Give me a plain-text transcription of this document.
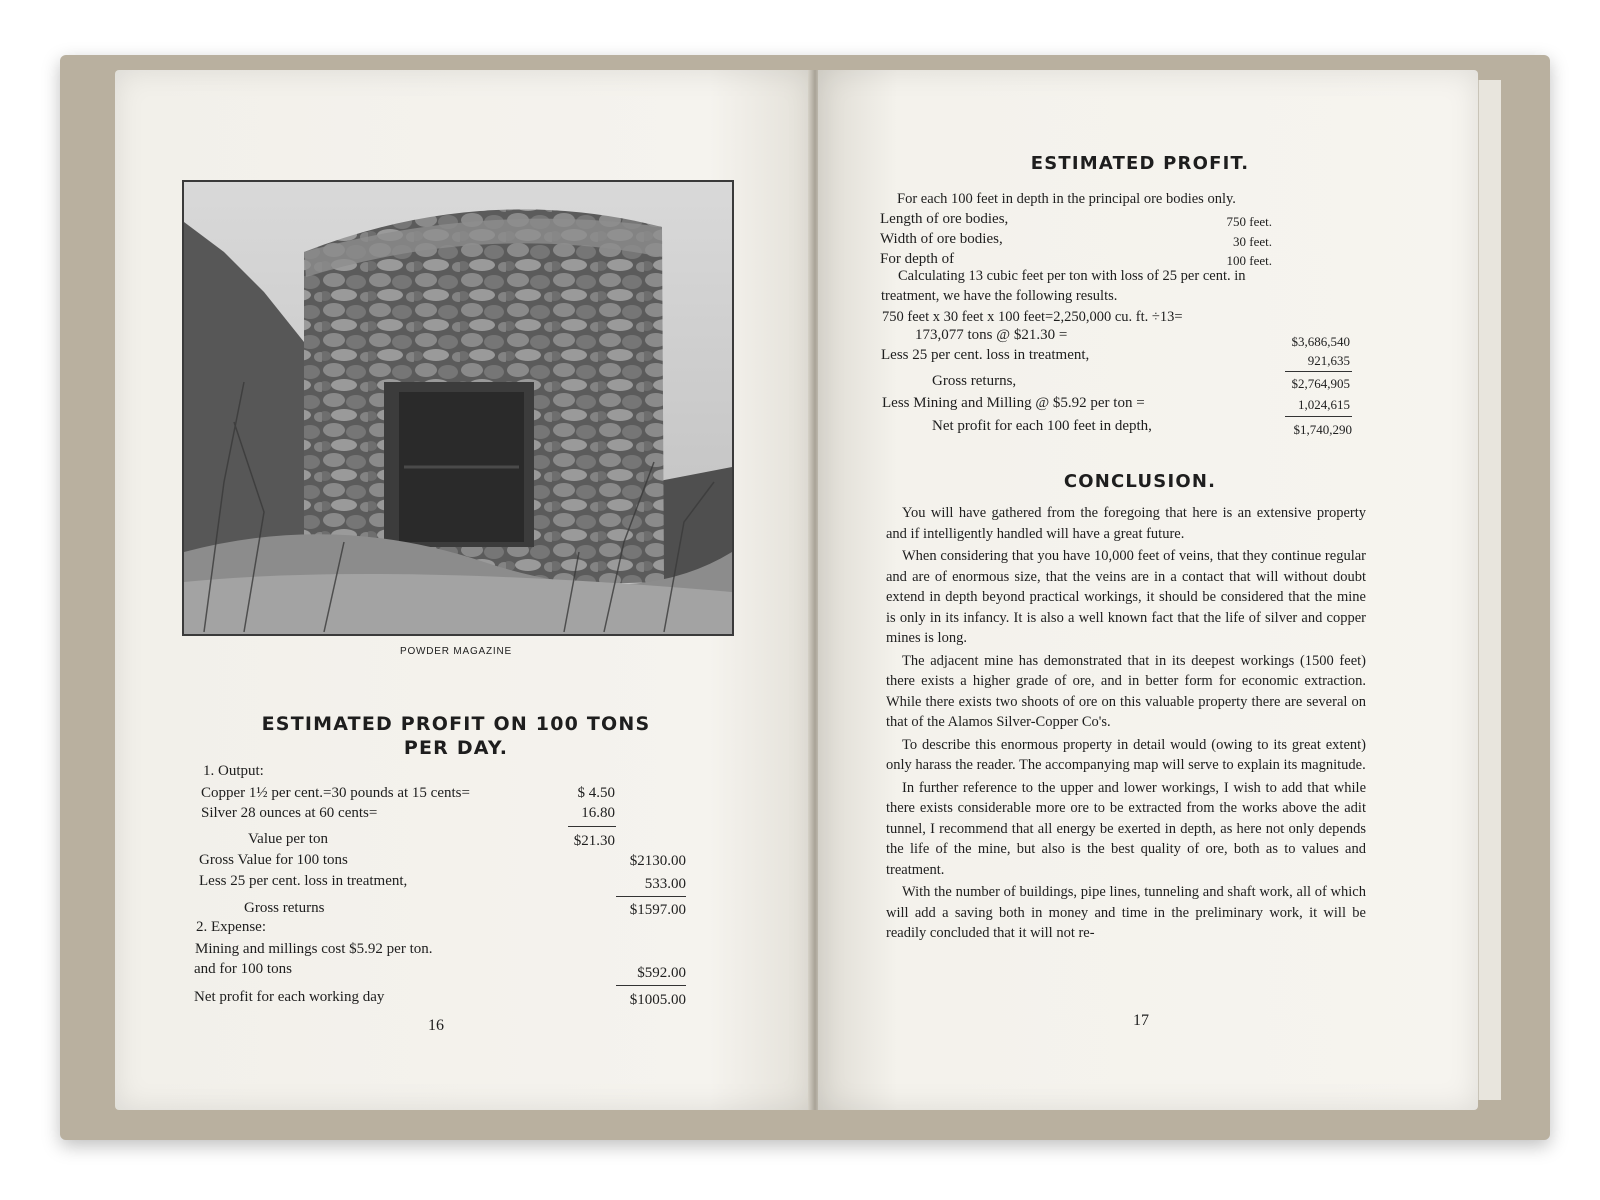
POWDER MAGAZINE
ESTIMATED PROFIT ON 100 TONS
PER DAY.
1. Output:
Copper 1½ per cent.=30 pounds at 15 cents=	$ 4.50
Silver 28 ounces at 60 cents=	16.80
Value per ton	$21.30
Gross Value for 100 tons	$2130.00
Less 25 per cent. loss in treatment,	533.00
Gross returns	$1597.00
2. Expense:
Mining and millings cost $5.92 per ton.
and for 100 tons	$592.00
Net profit for each working day	$1005.00
16
ESTIMATED PROFIT.
For each 100 feet in depth in the principal ore bodies only.
Length of ore bodies,	750 feet.
Width of ore bodies,	30 feet.
For depth of	100 feet.
Calculating 13 cubic feet per ton with loss of 25 per cent. in
treatment, we have the following results.
750 feet x 30 feet x 100 feet=2,250,000 cu. ft. ÷13=
173,077 tons @ $21.30 =	$3,686,540
Less 25 per cent. loss in treatment,	921,635
Gross returns,	$2,764,905
Less Mining and Milling @ $5.92 per ton =	1,024,615
Net profit for each 100 feet in depth,	$1,740,290
CONCLUSION.

You will have gathered from the foregoing that here is an extensive property and if intelligently handled will have a great future.

When considering that you have 10,000 feet of veins, that they continue regular and are of enormous size, that the veins are in a contact that will without doubt extend in depth beyond practical workings, it should be considered that the mine is only in its infancy. It is also a well known fact that the life of silver and copper mines is long.

The adjacent mine has demonstrated that in its deepest workings (1500 feet) there exists a higher grade of ore, and in better form for economic extraction. While there exists two shoots of ore on this valuable property there are several on that of the Alamos Silver-Copper Co's.

To describe this enormous property in detail would (owing to its great extent) only harass the reader. The accompanying map will serve to explain its magnitude.

In further reference to the upper and lower workings, I wish to add that while there exists considerable more ore to be extracted from the works above the adit tunnel, I recommend that all energy be exerted in depth, as here not only depends the life of the mine, but also is the best quality of ore, both as to values and treatment.

With the number of buildings, pipe lines, tunneling and shaft work, all of which will add a saving both in money and time in the preliminary work, it will be readily concluded that it will not re-

17
